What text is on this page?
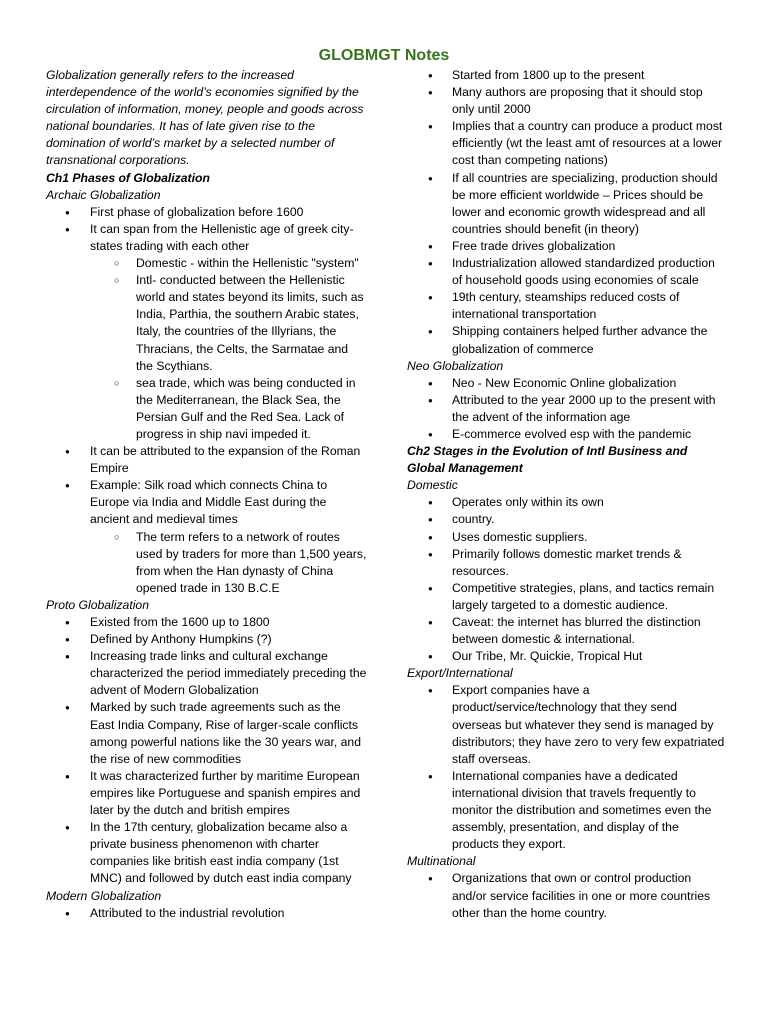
GLOBMGT Notes

Globalization generally refers to the increased interdependence of the world’s economies signified by the circulation of information, money, people and goods across national boundaries. It has of late given rise to the domination of world’s market by a selected number of transnational corporations.

Ch1 Phases of Globalization

Archaic Globalization

● First phase of globalization before 1600
● It can span from the Hellenistic age of greek city-states trading with each other
○ Domestic - within the Hellenistic "system"
○ Intl- conducted between the Hellenistic world and states beyond its limits, such as India, Parthia, the southern Arabic states, Italy, the countries of the Illyrians, the Thracians, the Celts, the Sarmatae and the Scythians.
○ sea trade, which was being conducted in the Mediterranean, the Black Sea, the Persian Gulf and the Red Sea. Lack of progress in ship navi impeded it.
● It can be attributed to the expansion of the Roman Empire
● Example: Silk road which connects China to Europe via India and Middle East during the ancient and medieval times
○ The term refers to a network of routes used by traders for more than 1,500 years, from when the Han dynasty of China opened trade in 130 B.C.E

Proto Globalization

● Existed from the 1600 up to 1800
● Defined by Anthony Humpkins (?)
● Increasing trade links and cultural exchange characterized the period immediately preceding the advent of Modern Globalization
● Marked by such trade agreements such as the East India Company, Rise of larger-scale conflicts among powerful nations like the 30 years war, and the rise of new commodities
● It was characterized further by maritime European empires like Portuguese and spanish empires and later by the dutch and british empires
● In the 17th century, globalization became also a private business phenomenon with charter companies like british east india company (1st MNC) and followed by dutch east india company

Modern Globalization

● Attributed to the industrial revolution
● Started from 1800 up to the present
● Many authors are proposing that it should stop only until 2000
● Implies that a country can produce a product most efficiently (wt the least amt of resources at a lower cost than competing nations)
● If all countries are specializing, production should be more efficient worldwide – Prices should be lower and economic growth widespread and all countries should benefit (in theory)
● Free trade drives globalization
● Industrialization allowed standardized production of household goods using economies of scale
● 19th century, steamships reduced costs of international transportation
● Shipping containers helped further advance the globalization of commerce

Neo Globalization

● Neo - New Economic Online globalization
● Attributed to the year 2000 up to the present with the advent of the information age
● E-commerce evolved esp with the pandemic

Ch2 Stages in the Evolution of Intl Business and Global Management

Domestic

● Operates only within its own
● country.
● Uses domestic suppliers.
● Primarily follows domestic market trends & resources.
● Competitive strategies, plans, and tactics remain largely targeted to a domestic audience.
● Caveat: the internet has blurred the distinction between domestic & international.
● Our Tribe, Mr. Quickie, Tropical Hut

Export/International

● Export companies have a product/service/technology that they send overseas but whatever they send is managed by distributors; they have zero to very few expatriated staff overseas.
● International companies have a dedicated international division that travels frequently to monitor the distribution and sometimes even the assembly, presentation, and display of the products they export.

Multinational

● Organizations that own or control production and/or service facilities in one or more countries other than the home country.
